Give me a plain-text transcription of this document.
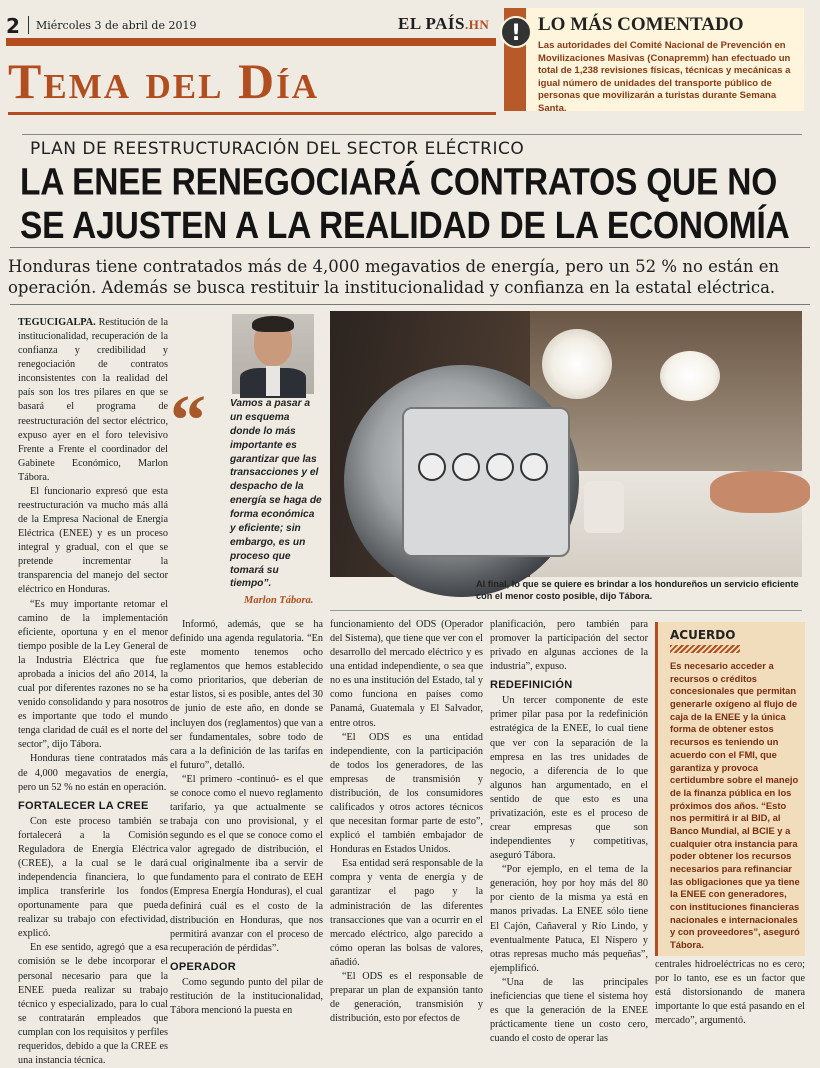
2 Miércoles 3 de abril de 2019	EL PAÍS.HN
Tema del Día
! LO MÁS COMENTADO
Las autoridades del Comité Nacional de Prevención en Movilizaciones Masivas (Conapremm) han efectuado un total de 1,238 revisiones físicas, técnicas y mecánicas a igual número de unidades del transporte público de personas que movilizarán a turistas durante Semana Santa.
PLAN DE REESTRUCTURACIÓN DEL SECTOR ELÉCTRICO
LA ENEE RENEGOCIARÁ CONTRATOS QUE NO SE AJUSTEN A LA REALIDAD DE LA ECONOMÍA
Honduras tiene contratados más de 4,000 megavatios de energía, pero un 52 % no están en operación. Además se busca restituir la institucionalidad y confianza en la estatal eléctrica.

TEGUCIGALPA. Restitución de la institucionalidad, recuperación de la confianza y credibilidad y renegociación de contratos inconsistentes con la realidad del país son los tres pilares en que se basará el programa de reestructuración del sector eléctrico, expuso ayer en el foro televisivo Frente a Frente el coordinador del Gabinete Económico, Marlon Tábora.

El funcionario expresó que esta reestructuración va mucho más allá de la Empresa Nacional de Energía Eléctrica (ENEE) y es un proceso integral y gradual, con el que se pretende incrementar la transparencia del manejo del sector eléctrico en Honduras.

“Es muy importante retomar el camino de la implementación eficiente, oportuna y en el menor tiempo posible de la Ley General de la Industria Eléctrica que fue aprobada a inicios del año 2014, la cual por diferentes razones no se ha venido consolidando y para nosotros es importante que todo el mundo tenga claridad de cuál es el norte del sector”, dijo Tábora.

Honduras tiene contratados más de 4,000 megavatios de energía, pero un 52 % no están en operación.

FORTALECER LA CREE

Con este proceso también se fortalecerá a la Comisión Reguladora de Energía Eléctrica (CREE), a la cual se le dará independencia financiera, lo que implica transferirle los fondos oportunamente para que pueda realizar su trabajo con efectividad, explicó.

En ese sentido, agregó que a esa comisión se le debe incorporar el personal necesario para que la ENEE pueda realizar su trabajo técnico y especializado, para lo cual se contratarán empleados que cumplan con los requisitos y perfiles requeridos, debido a que la CREE es una instancia técnica.

“ Vamos a pasar a un esquema donde lo más importante es garantizar que las transacciones y el despacho de la energía se haga de forma económica y eficiente; sin embargo, es un proceso que tomará su tiempo”.
Marlon Tábora.
Al final, lo que se quiere es brindar a los hondureños un servicio eficiente con el menor costo posible, dijo Tábora.

Informó, además, que se ha definido una agenda regulatoria. “En este momento tenemos ocho reglamentos que hemos establecido como prioritarios, que deberían de estar listos, si es posible, antes del 30 de junio de este año, en donde se incluyen dos (reglamentos) que van a ser fundamentales, sobre todo de cara a la definición de las tarifas en el futuro”, detalló.

“El primero -continuó- es el que se conoce como el nuevo reglamento tarifario, ya que actualmente se trabaja con uno provisional, y el segundo es el que se conoce como el valor agregado de distribución, el cual originalmente iba a servir de fundamento para el contrato de EEH (Empresa Energía Honduras), el cual definirá cuál es el costo de la distribución en Honduras, que nos permitirá avanzar con el proceso de recuperación de pérdidas”.

OPERADOR

Como segundo punto del pilar de restitución de la institucionalidad, Tábora mencionó la puesta en

funcionamiento del ODS (Operador del Sistema), que tiene que ver con el desarrollo del mercado eléctrico y es una entidad independiente, o sea que no es una institución del Estado, tal y como funciona en países como Panamá, Guatemala y El Salvador, entre otros.

“El ODS es una entidad independiente, con la participación de todos los generadores, de las empresas de transmisión y distribución, de los consumidores calificados y otros actores técnicos que necesitan formar parte de esto”, explicó el también embajador de Honduras en Estados Unidos.

Esa entidad será responsable de la compra y venta de energía y de garantizar el pago y la administración de las diferentes transacciones que van a ocurrir en el mercado eléctrico, algo parecido a cómo operan las bolsas de valores, añadió.

“El ODS es el responsable de preparar un plan de expansión tanto de generación, transmisión y distribución, esto por efectos de

planificación, pero también para promover la participación del sector privado en algunas acciones de la industria”, expuso.

REDEFINICIÓN

Un tercer componente de este primer pilar pasa por la redefinición estratégica de la ENEE, lo cual tiene que ver con la separación de la empresa en las tres unidades de negocio, a diferencia de lo que algunos han argumentado, en el sentido de que esto es una privatización, este es el proceso de crear empresas que son independientes y competitivas, aseguró Tábora.

“Por ejemplo, en el tema de la generación, hoy por hoy más del 80 por ciento de la misma ya está en manos privadas. La ENEE sólo tiene El Cajón, Cañaveral y Río Lindo, y eventualmente Patuca, El Níspero y otras represas mucho más pequeñas”, ejemplificó.

“Una de las principales ineficiencias que tiene el sistema hoy es que la generación de la ENEE prácticamente tiene un costo cero, cuando el costo de operar las

ACUERDO
Es necesario acceder a recursos o créditos concesionales que permitan generarle oxígeno al flujo de caja de la ENEE y la única forma de obtener estos recursos es teniendo un acuerdo con el FMI, que garantiza y provoca certidumbre sobre el manejo de la finanza pública en los próximos dos años. “Esto nos permitirá ir al BID, al Banco Mundial, al BCIE y a cualquier otra instancia para poder obtener los recursos necesarios para refinanciar las obligaciones que ya tiene la ENEE con generadores, con instituciones financieras nacionales e internacionales y con proveedores”, aseguró Tábora.

centrales hidroeléctricas no es cero; por lo tanto, ese es un factor que está distorsionando de manera importante lo que está pasando en el mercado”, argumentó.
